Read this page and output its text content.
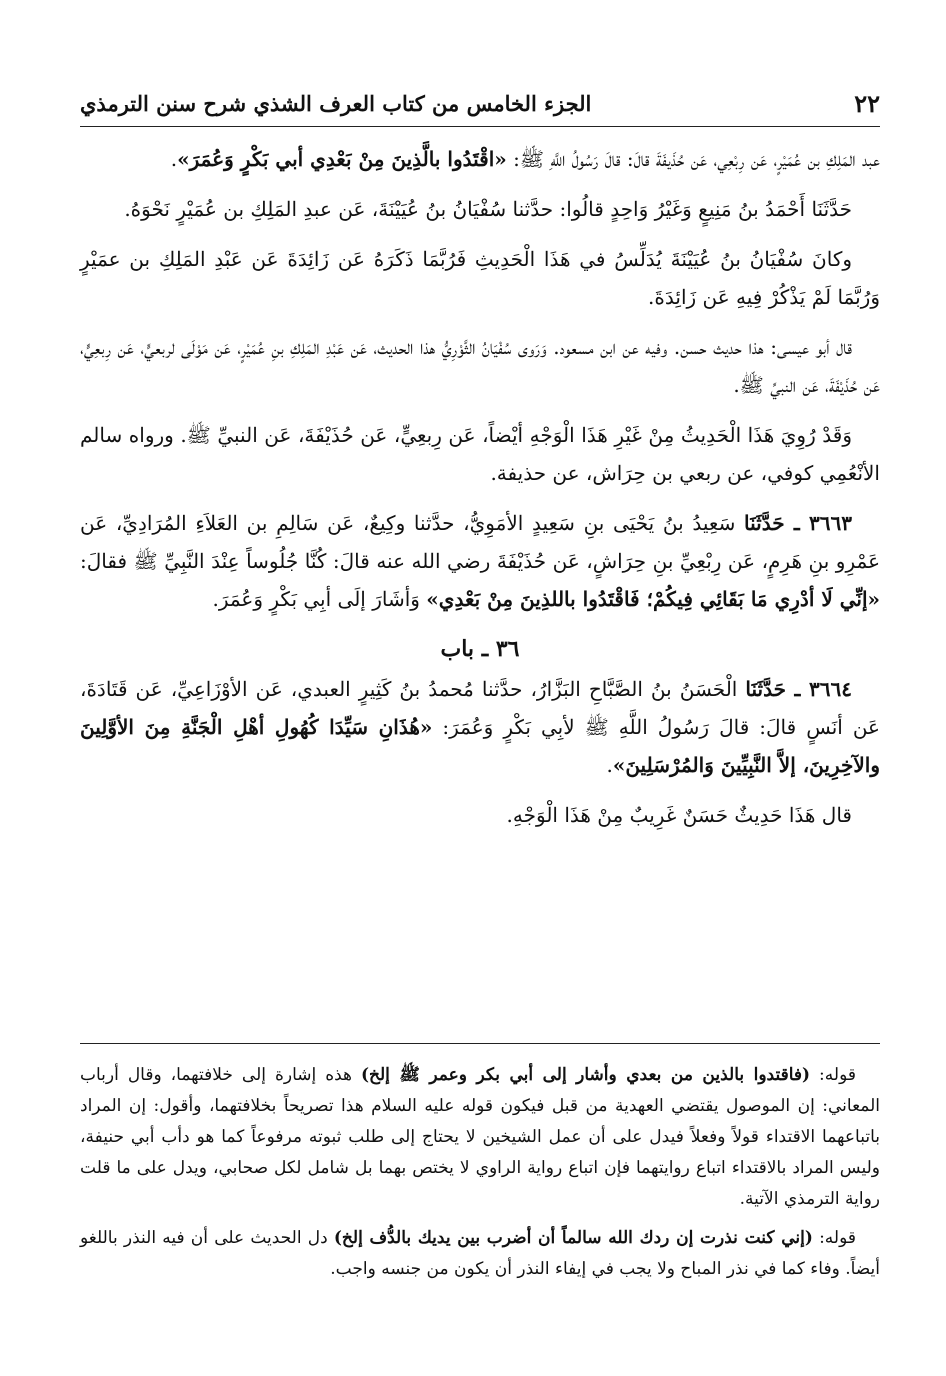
٢٢
الجزء الخامس من كتاب العرف الشذي شرح سنن الترمذي

عبد المَلِكِ بن عُمَيْرٍ، عَن رِبْعِي، عَن حُذَيفَةَ قالَ: قالَ رَسُولُ اللَّهِ ﷺ: «اقْتَدُوا بالَّذِينَ مِنْ بَعْدِي أبي بَكْرٍ وَعُمَرَ».

حَدَّثَنَا أَحْمَدُ بنُ مَنِيعٍ وَغَيْرُ وَاحِدٍ قالُوا: حدَّثنا سُفْيَانُ بنُ عُيَيْنَةَ، عَن عبدِ المَلِكِ بن عُمَيْرٍ نَحْوَهُ.

وكانَ سُفْيَانُ بنُ عُيَيْنَةَ يُدَلِّسُ في هَذَا الْحَدِيثِ فَرُبَّمَا ذَكَرَهُ عَن زَائِدَةَ عَن عَبْدِ المَلِكِ بن عمَيْرٍ وَرُبَّمَا لَمْ يَذْكُرْ فِيهِ عَن زَائِدَةَ.

قال أبو عيسى: هذا حديث حسن. وفيه عن ابن مسعود. وَرَوى سُفْيَانُ الثَّوْرِيُّ هذا الحديث، عَن عَبْدِ المَلِكِ بنِ عُمَيْرٍ، عَن مَوْلَى لربعيٍّ، عَن رِبعِيٍّ، عَن حُذَيْفَةَ، عَن النبيِّ ﷺ.

وَقَدْ رُوِيَ هَذَا الْحَدِيثُ مِنْ غَيْرِ هَذَا الْوَجْهِ أيْضاً، عَن رِبعِيٍّ، عَن حُذَيْفَةَ، عَن النبيِّ ﷺ. ورواه سالم الأنْعُمِي كوفي، عن ربعي بن حِرَاش، عن حذيفة.

٣٦٦٣ ـ حَدَّثَنَا سَعِيدُ بنُ يَحْيَى بنِ سَعِيدٍ الأمَوِيُّ، حدَّثنا وكِيعٌ، عَن سَالِمِ بن العَلاَءِ المُرَادِيِّ، عَن عَمْرِو بنِ هَرِمٍ، عَن رِبْعِيِّ بنِ حِرَاشٍ، عَن حُذَيْفَةَ رضي الله عنه قالَ: كُنَّا جُلُوساً عِنْدَ النَّبِيِّ ﷺ فقالَ: «إنِّي لَا أدْرِي مَا بَقَائِي فِيكُمْ؛ فَاقْتَدُوا باللذِينَ مِنْ بَعْدِي» وَأشَارَ إلَى أبِي بَكْرٍ وَعُمَرَ.

٣٦ ـ باب

٣٦٦٤ ـ حَدَّثَنَا الْحَسَنُ بنُ الصَّبَّاحِ البَزَّارُ، حدَّثنا مُحمدُ بنُ كَثِيرٍ العبدي، عَن الأوْزَاعِيِّ، عَن قَتَادَةَ، عَن أنَسٍ قالَ: قالَ رَسُولُ اللَّهِ ﷺ لأبِي بَكْرٍ وَعُمَرَ: «هُذَانِ سَيِّدَا كُهُولِ أهْلِ الْجَنَّةِ مِنَ الأوَّلِينَ والآخِرِينَ، إلاَّ النَّبِيِّينَ وَالمُرْسَلِينَ».

قال هَذَا حَدِيثٌ حَسَنٌ غَرِيبٌ مِنْ هَذَا الْوَجْهِ.

قوله: (فاقتدوا بالذين من بعدي وأشار إلى أبي بكر وعمر ﷺ إلخ) هذه إشارة إلى خلافتهما، وقال أرباب المعاني: إن الموصول يقتضي العهدية من قبل فيكون قوله عليه السلام هذا تصريحاً بخلافتهما، وأقول: إن المراد باتباعهما الاقتداء قولاً وفعلاً فيدل على أن عمل الشيخين لا يحتاج إلى طلب ثبوته مرفوعاً كما هو دأب أبي حنيفة، وليس المراد بالاقتداء اتباع روايتهما فإن اتباع رواية الراوي لا يختص بهما بل شامل لكل صحابي، ويدل على ما قلت رواية الترمذي الآتية.

قوله: (إني كنت نذرت إن ردك الله سالماً أن أضرب بين يديك بالدُّف إلخ) دل الحديث على أن فيه النذر باللغو أيضاً. وفاء كما في نذر المباح ولا يجب في إيفاء النذر أن يكون من جنسه واجب.
